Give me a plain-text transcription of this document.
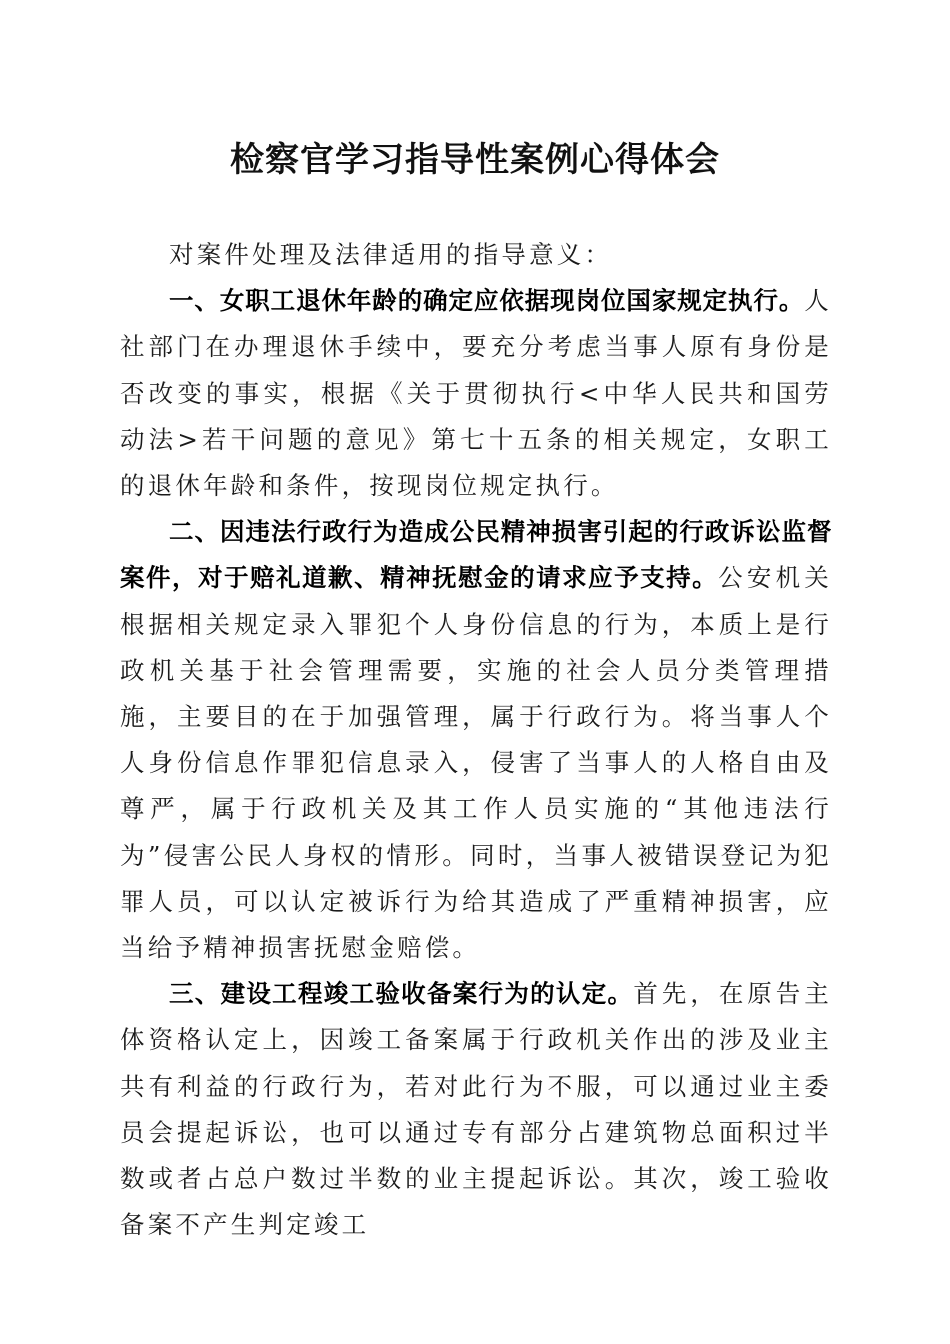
检察官学习指导性案例心得体会

对案件处理及法律适用的指导意义：

一、女职工退休年龄的确定应依据现岗位国家规定执行。人社部门在办理退休手续中，要充分考虑当事人原有身份是否改变的事实，根据《关于贯彻执行<中华人民共和国劳动法>若干问题的意见》第七十五条的相关规定，女职工的退休年龄和条件，按现岗位规定执行。

二、因违法行政行为造成公民精神损害引起的行政诉讼监督案件，对于赔礼道歉、精神抚慰金的请求应予支持。公安机关根据相关规定录入罪犯个人身份信息的行为，本质上是行政机关基于社会管理需要，实施的社会人员分类管理措施，主要目的在于加强管理，属于行政行为。将当事人个人身份信息作罪犯信息录入，侵害了当事人的人格自由及尊严，属于行政机关及其工作人员实施的“其他违法行为”侵害公民人身权的情形。同时，当事人被错误登记为犯罪人员，可以认定被诉行为给其造成了严重精神损害，应当给予精神损害抚慰金赔偿。

三、建设工程竣工验收备案行为的认定。首先，在原告主体资格认定上，因竣工备案属于行政机关作出的涉及业主共有利益的行政行为，若对此行为不服，可以通过业主委员会提起诉讼，也可以通过专有部分占建筑物总面积过半数或者占总户数过半数的业主提起诉讼。其次，竣工验收备案不产生判定竣工
